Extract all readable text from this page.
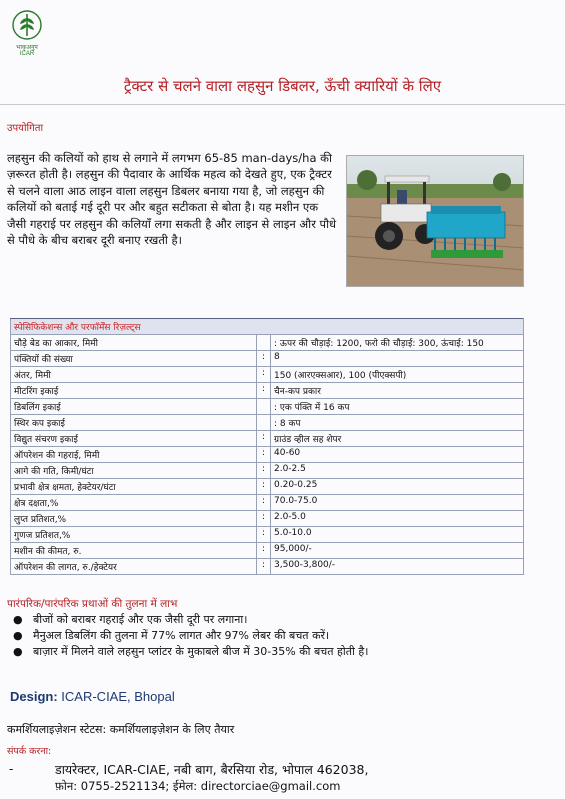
भाकृअनुप ICAR
ट्रैक्टर से चलने वाला लहसुन डिबलर, ऊँची क्यारियों के लिए
उपयोगिता
लहसुन की कलियों को हाथ से लगाने में लगभग 65-85 man-days/ha की ज़रूरत होती है। लहसुन की पैदावार के आर्थिक महत्व को देखते हुए, एक ट्रैक्टर से चलने वाला आठ लाइन वाला लहसुन डिबलर बनाया गया है, जो लहसुन की कलियों को बताई गई दूरी पर और बहुत सटीकता से बोता है। यह मशीन एक जैसी गहराई पर लहसुन की कलियाँ लगा सकती है और लाइन से लाइन और पौधे से पौधे के बीच बराबर दूरी बनाए रखती है।
स्पेसिफिकेशन्स और परफॉर्मेंस रिज़ल्ट्स		
चौड़े बेड का आकार, मिमी		: ऊपर की चौड़ाई: 1200, फरो की चौड़ाई: 300, ऊंचाई: 150
पंक्तियों की संख्या	:	8
अंतर, मिमी	:	150 (आरएक्सआर), 100 (पीएक्सपी)
मीटरिंग इकाई	:	चैन-कप प्रकार
डिबलिंग इकाई		: एक पंक्ति में 16 कप
स्थिर कप इकाई		: 8 कप
विद्युत संचरण इकाई	:	ग्राउंड व्हील सह शेपर
ऑपरेशन की गहराई, मिमी	:	40-60
आगे की गति, किमी/घंटा	:	2.0-2.5
प्रभावी क्षेत्र क्षमता, हेक्टेयर/घंटा	:	0.20-0.25
क्षेत्र दक्षता,%	:	70.0-75.0
लुप्त प्रतिशत,%	:	2.0-5.0
गुणज प्रतिशत,%	:	5.0-10.0
मशीन की कीमत, रु.	:	95,000/-
ऑपरेशन की लागत, रु./हेक्टेयर	:	3,500-3,800/-
पारंपरिक/पारंपरिक प्रथाओं की तुलना में लाभ
● बीजों को बराबर गहराई और एक जैसी दूरी पर लगाना।
● मैनुअल डिबलिंग की तुलना में 77% लागत और 97% लेबर की बचत करें।
● बाज़ार में मिलने वाले लहसुन प्लांटर के मुकाबले बीज में 30-35% की बचत होती है।
Design: ICAR-CIAE, Bhopal
कमर्शियलाइज़ेशन स्टेटस: कमर्शियलाइज़ेशन के लिए तैयार
संपर्क करना:
-	डायरेक्टर, ICAR-CIAE, नबी बाग, बैरसिया रोड, भोपाल 462038,
फ़ोन: 0755-2521134; ईमेल: directorciae@gmail.com
